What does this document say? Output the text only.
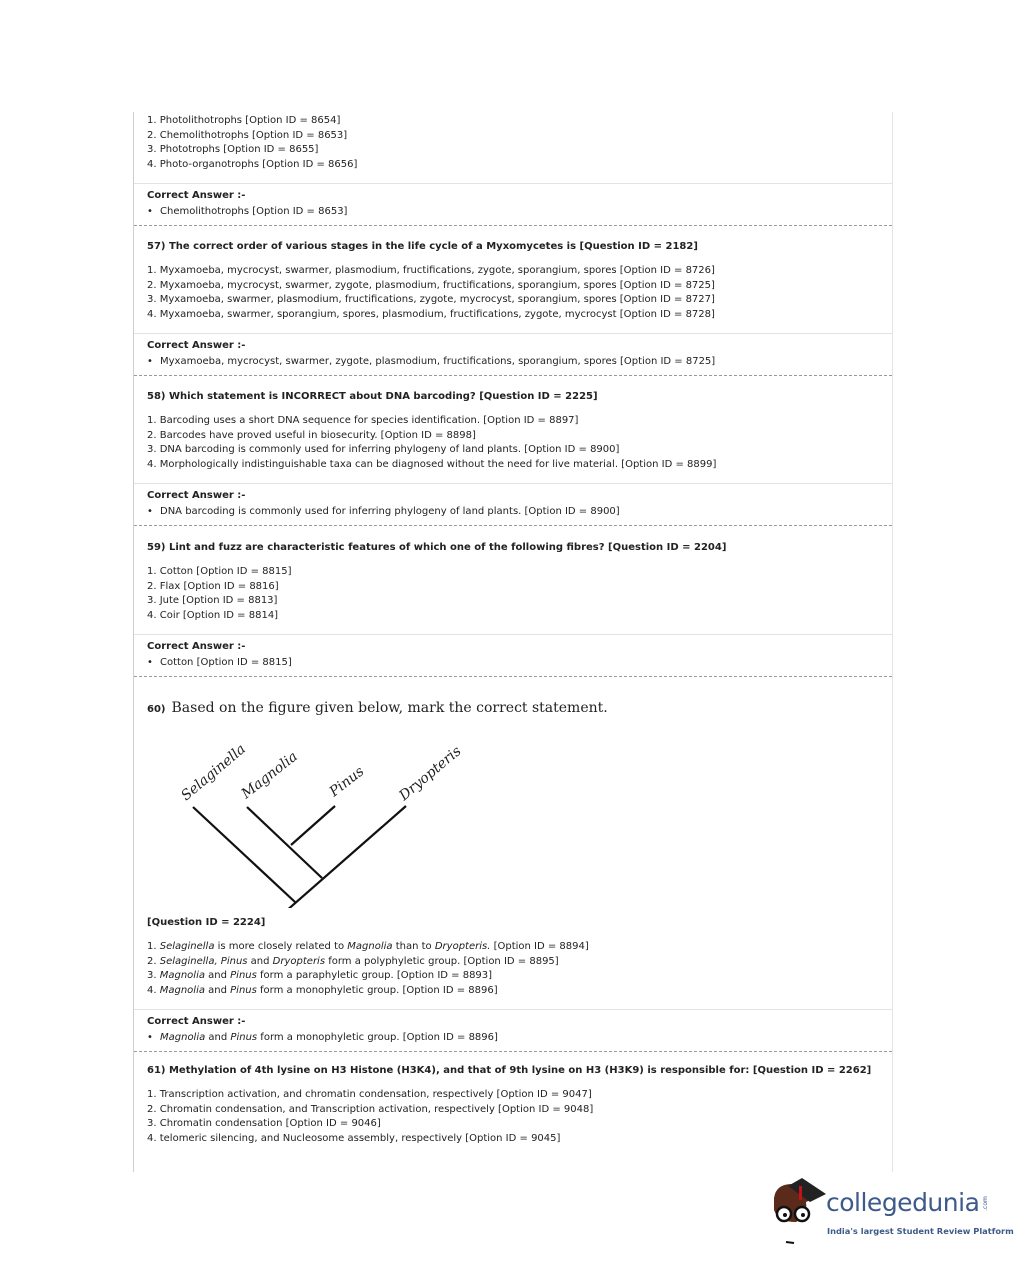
1. Photolithotrophs [Option ID = 8654]
2. Chemolithotrophs [Option ID = 8653]
3. Phototrophs [Option ID = 8655]
4. Photo-organotrophs [Option ID = 8656]
Correct Answer :-
• Chemolithotrophs [Option ID = 8653]
57) The correct order of various stages in the life cycle of a Myxomycetes is [Question ID = 2182]
1. Myxamoeba, mycrocyst, swarmer, plasmodium, fructifications, zygote, sporangium, spores [Option ID = 8726]
2. Myxamoeba, mycrocyst, swarmer, zygote, plasmodium, fructifications, sporangium, spores [Option ID = 8725]
3. Myxamoeba, swarmer, plasmodium, fructifications, zygote, mycrocyst, sporangium, spores [Option ID = 8727]
4. Myxamoeba, swarmer, sporangium, spores, plasmodium, fructifications, zygote, mycrocyst [Option ID = 8728]
Correct Answer :-
• Myxamoeba, mycrocyst, swarmer, zygote, plasmodium, fructifications, sporangium, spores [Option ID = 8725]
58) Which statement is INCORRECT about DNA barcoding? [Question ID = 2225]
1. Barcoding uses a short DNA sequence for species identification. [Option ID = 8897]
2. Barcodes have proved useful in biosecurity. [Option ID = 8898]
3. DNA barcoding is commonly used for inferring phylogeny of land plants. [Option ID = 8900]
4. Morphologically indistinguishable taxa can be diagnosed without the need for live material. [Option ID = 8899]
Correct Answer :-
• DNA barcoding is commonly used for inferring phylogeny of land plants. [Option ID = 8900]
59) Lint and fuzz are characteristic features of which one of the following fibres? [Question ID = 2204]
1. Cotton [Option ID = 8815]
2. Flax [Option ID = 8816]
3. Jute [Option ID = 8813]
4. Coir [Option ID = 8814]
Correct Answer :-
• Cotton [Option ID = 8815]
60) Based on the figure given below, mark the correct statement.
Selaginella
Magnolia Pinus Dryopteris
[Question ID = 2224]
1. Selaginella is more closely related to Magnolia than to Dryopteris. [Option ID = 8894]
2. Selaginella, Pinus and Dryopteris form a polyphyletic group. [Option ID = 8895]
3. Magnolia and Pinus form a paraphyletic group. [Option ID = 8893]
4. Magnolia and Pinus form a monophyletic group. [Option ID = 8896]
Correct Answer :-
• Magnolia and Pinus form a monophyletic group. [Option ID = 8896]
61) Methylation of 4th lysine on H3 Histone (H3K4), and that of 9th lysine on H3 (H3K9) is responsible for: [Question ID = 2262]
1. Transcription activation, and chromatin condensation, respectively [Option ID = 9047]
2. Chromatin condensation, and Transcription activation, respectively [Option ID = 9048]
3. Chromatin condensation [Option ID = 9046]
4. telomeric silencing, and Nucleosome assembly, respectively [Option ID = 9045]
collegedunia .com
India's largest Student Review Platform
